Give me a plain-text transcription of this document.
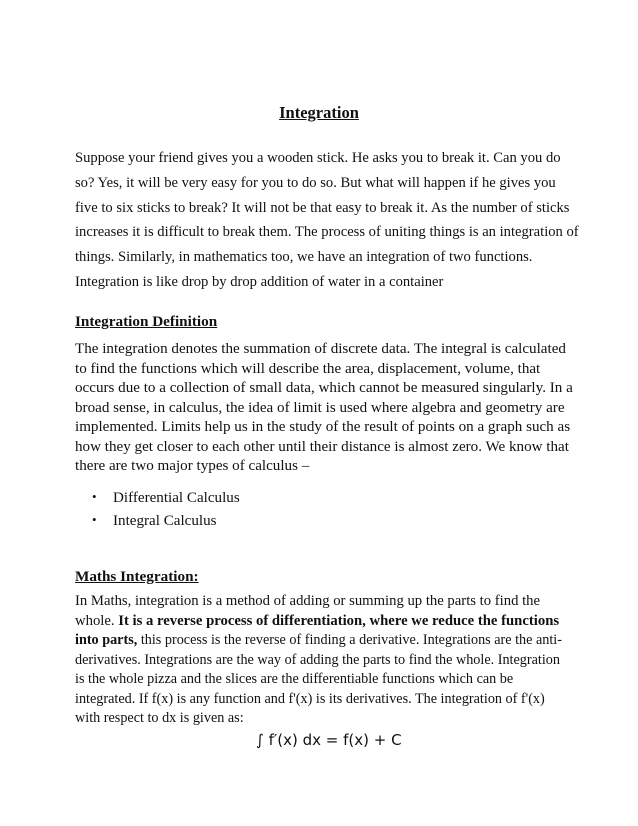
Integration

Suppose your friend gives you a wooden stick. He asks you to break it. Can you do
so? Yes, it will be very easy for you to do so. But what will happen if he gives you
five to six sticks to break? It will not be that easy to break it. As the number of sticks
increases it is difficult to break them. The process of uniting things is an integration of
things. Similarly, in mathematics too, we have an integration of two functions.
Integration is like drop by drop addition of water in a container

Integration Definition

The integration denotes the summation of discrete data. The integral is calculated
to find the functions which will describe the area, displacement, volume, that
occurs due to a collection of small data, which cannot be measured singularly. In a
broad sense, in calculus, the idea of limit is used where algebra and geometry are
implemented. Limits help us in the study of the result of points on a graph such as
how they get closer to each other until their distance is almost zero. We know that
there are two major types of calculus –

• Differential Calculus
• Integral Calculus
Maths Integration:

In Maths, integration is a method of adding or summing up the parts to find the
whole. It is a reverse process of differentiation, where we reduce the functions
into parts, this process is the reverse of finding a derivative. Integrations are the anti-
derivatives. Integrations are the way of adding the parts to find the whole. Integration
is the whole pizza and the slices are the differentiable functions which can be
integrated. If f(x) is any function and f'(x) is its derivatives. The integration of f'(x)
with respect to dx is given as:

∫ f′(x) dx = f(x) + C
